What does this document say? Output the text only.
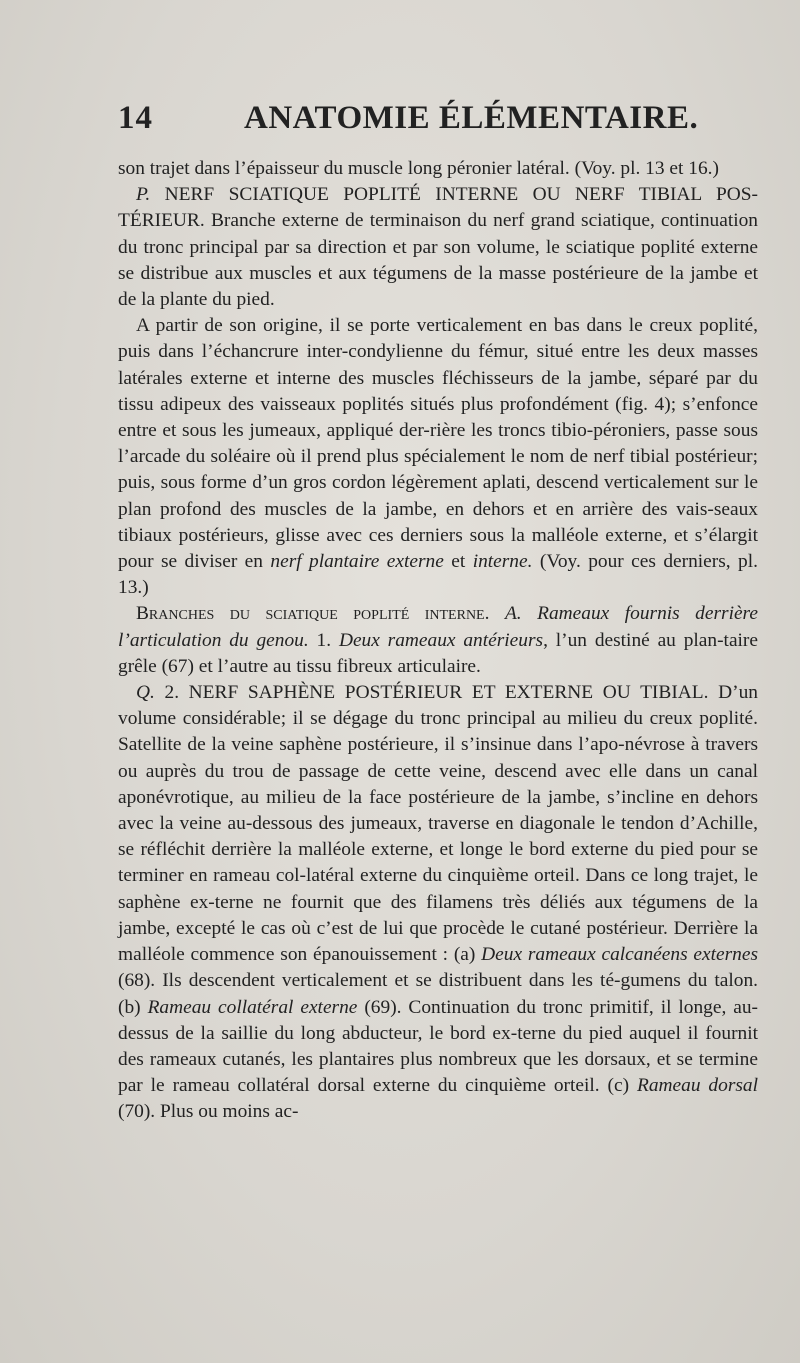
14	ANATOMIE ÉLÉMENTAIRE.

son trajet dans l’épaisseur du muscle long péronier latéral. (Voy. pl. 13 et 16.)

P. NERF SCIATIQUE POPLITÉ INTERNE OU NERF TIBIAL POS-TÉRIEUR. Branche externe de terminaison du nerf grand sciatique, continuation du tronc principal par sa direction et par son volume, le sciatique poplité externe se distribue aux muscles et aux tégumens de la masse postérieure de la jambe et de la plante du pied.

A partir de son origine, il se porte verticalement en bas dans le creux poplité, puis dans l’échancrure inter-condylienne du fémur, situé entre les deux masses latérales externe et interne des muscles fléchisseurs de la jambe, séparé par du tissu adipeux des vaisseaux poplités situés plus profondément (fig. 4); s’enfonce entre et sous les jumeaux, appliqué der-rière les troncs tibio-péroniers, passe sous l’arcade du soléaire où il prend plus spécialement le nom de nerf tibial postérieur; puis, sous forme d’un gros cordon légèrement aplati, descend verticalement sur le plan profond des muscles de la jambe, en dehors et en arrière des vais-seaux tibiaux postérieurs, glisse avec ces derniers sous la malléole externe, et s’élargit pour se diviser en nerf plantaire externe et interne. (Voy. pour ces derniers, pl. 13.)

Branches du sciatique poplité interne. A. Rameaux fournis derrière l’articulation du genou. 1. Deux rameaux antérieurs, l’un destiné au plan-taire grêle (67) et l’autre au tissu fibreux articulaire.

Q. 2. NERF SAPHÈNE POSTÉRIEUR ET EXTERNE OU TIBIAL. D’un volume considérable; il se dégage du tronc principal au milieu du creux poplité. Satellite de la veine saphène postérieure, il s’insinue dans l’apo-névrose à travers ou auprès du trou de passage de cette veine, descend avec elle dans un canal aponévrotique, au milieu de la face postérieure de la jambe, s’incline en dehors avec la veine au-dessous des jumeaux, traverse en diagonale le tendon d’Achille, se réfléchit derrière la malléole externe, et longe le bord externe du pied pour se terminer en rameau col-latéral externe du cinquième orteil. Dans ce long trajet, le saphène ex-terne ne fournit que des filamens très déliés aux tégumens de la jambe, excepté le cas où c’est de lui que procède le cutané postérieur. Derrière la malléole commence son épanouissement : (a) Deux rameaux calcanéens externes (68). Ils descendent verticalement et se distribuent dans les té-gumens du talon. (b) Rameau collatéral externe (69). Continuation du tronc primitif, il longe, au-dessus de la saillie du long abducteur, le bord ex-terne du pied auquel il fournit des rameaux cutanés, les plantaires plus nombreux que les dorsaux, et se termine par le rameau collatéral dorsal externe du cinquième orteil. (c) Rameau dorsal (70). Plus ou moins ac-
